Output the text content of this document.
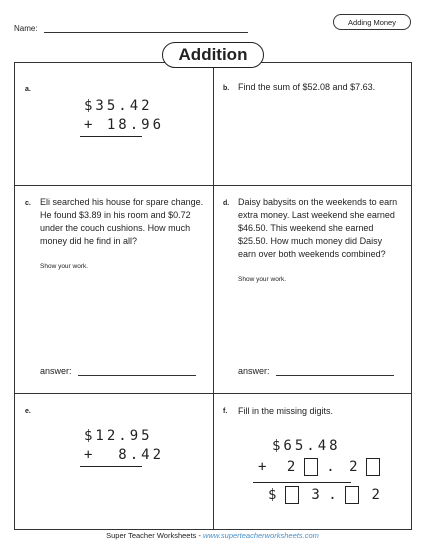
Name:
Adding Money
Addition
a.
$35.42
+ 18.96
b. Find the sum of $52.08 and $7.63.
c. Eli searched his house for spare change. He found $3.89 in his room and $0.72 under the couch cushions. How much money did he find in all?
Show your work.
answer:
d. Daisy babysits on the weekends to earn extra money. Last weekend she earned $46.50. This weekend she earned $25.50. How much money did Daisy earn over both weekends combined?
Show your work.
answer:
e.
$12.95
+  8.42
f. Fill in the missing digits.
$65.48
+ 2 . 2
$ 3 . 2
Super Teacher Worksheets - www.superteacherworksheets.com
